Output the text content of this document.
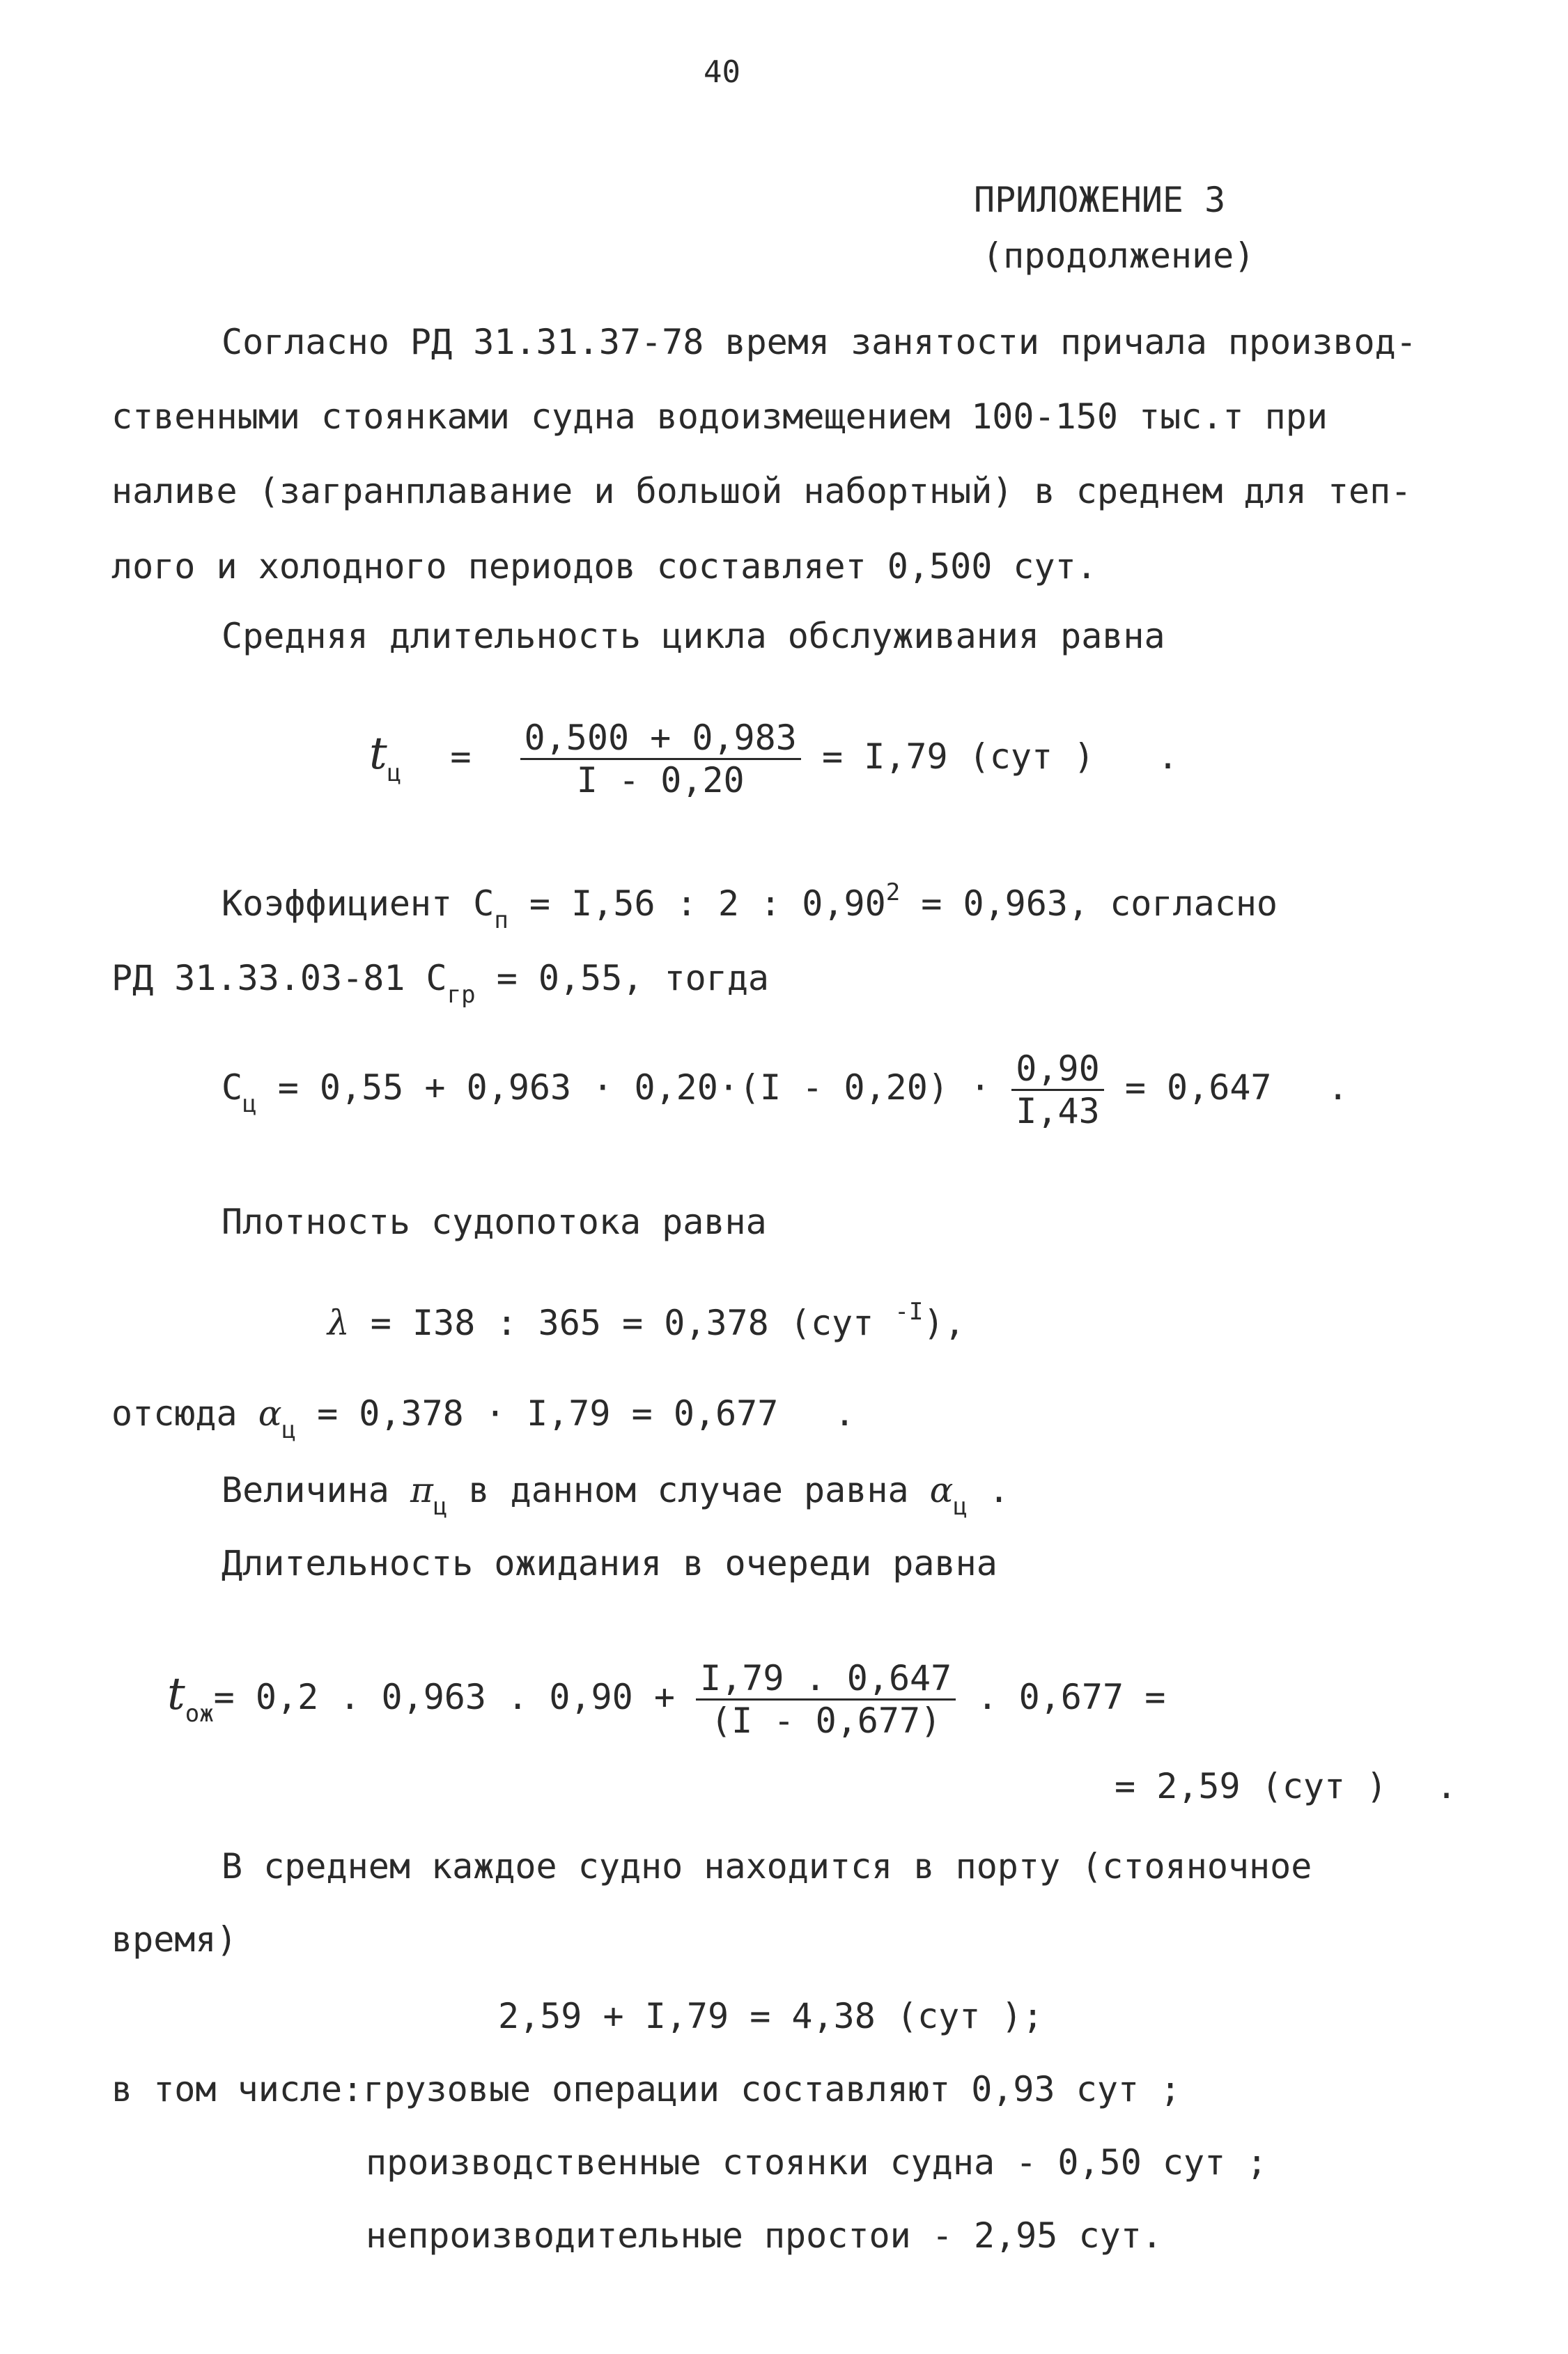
40
ПРИЛОЖЕНИЕ 3
(продолжение)
Согласно РД 31.31.37-78 время занятости причала производ-
ственными стоянками судна водоизмещением 100-150 тыс.т при
наливе (загранплавание и большой набортный) в среднем для теп-
лого и холодного периодов составляет 0,500 сут.
Средняя длительность цикла обслуживания равна
$t_ц = \frac{0,500 + 0,983}{I - 0,20} = I,79$ (сут ) .
Коэффициент $С_п = I,56$ : 2 : $0,90^2 = 0,963$, согласно
РД 31.33.03-81 $С_{гр} = 0,55$, тогда
$С_ц = 0,55 + 0,963 \cdot 0,20\cdot(I - 0,20) \cdot \frac{0,90}{I,43} = 0,647$ .
Плотность судопотока равна
λ = I38 : 365 = 0,378 (сут $^{-I}$),
отсюда $\alpha_ц = 0,378 \cdot I,79 = 0,677$ .
Величина $\pi_ц$ в данном случае равна $\alpha_ц$ .
Длительность ожидания в очереди равна
$t_{ож}= 0,2$ . 0,963 . $0,90 + \frac{I,79 . 0,647}{(I - 0,677)}$ . 0,677 =
= 2,59 (сут ) .
В среднем каждое судно находится в порту (стояночное
время)
2,59 + I,79 = 4,38 (сут );
в том числе:грузовые операции составляют 0,93 сут ;
производственные стоянки судна - 0,50 сут ;
непроизводительные простои - 2,95 сут.
